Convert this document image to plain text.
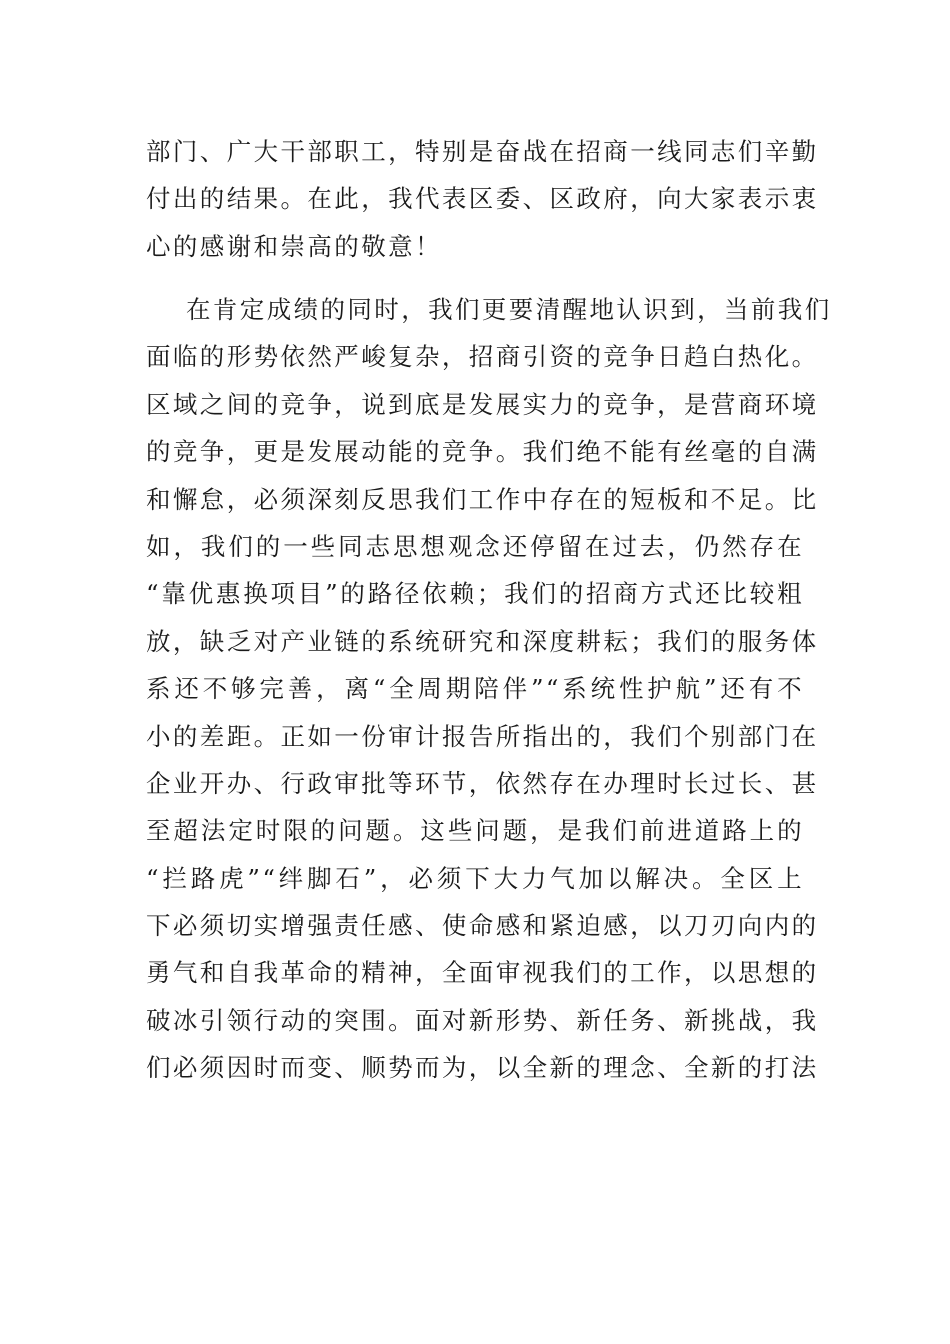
部门、广大干部职工，特别是奋战在招商一线同志们辛勤
付出的结果。在此，我代表区委、区政府，向大家表示衷
心的感谢和崇高的敬意！
在肯定成绩的同时，我们更要清醒地认识到，当前我们
面临的形势依然严峻复杂，招商引资的竞争日趋白热化。
区域之间的竞争，说到底是发展实力的竞争，是营商环境
的竞争，更是发展动能的竞争。我们绝不能有丝毫的自满
和懈怠，必须深刻反思我们工作中存在的短板和不足。比
如，我们的一些同志思想观念还停留在过去，仍然存在
“靠优惠换项目”的路径依赖；我们的招商方式还比较粗
放，缺乏对产业链的系统研究和深度耕耘；我们的服务体
系还不够完善，离“全周期陪伴”“系统性护航”还有不
小的差距。正如一份审计报告所指出的，我们个别部门在
企业开办、行政审批等环节，依然存在办理时长过长、甚
至超法定时限的问题。这些问题，是我们前进道路上的
“拦路虎”“绊脚石”，必须下大力气加以解决。全区上
下必须切实增强责任感、使命感和紧迫感，以刀刃向内的
勇气和自我革命的精神，全面审视我们的工作，以思想的
破冰引领行动的突围。面对新形势、新任务、新挑战，我
们必须因时而变、顺势而为，以全新的理念、全新的打法
